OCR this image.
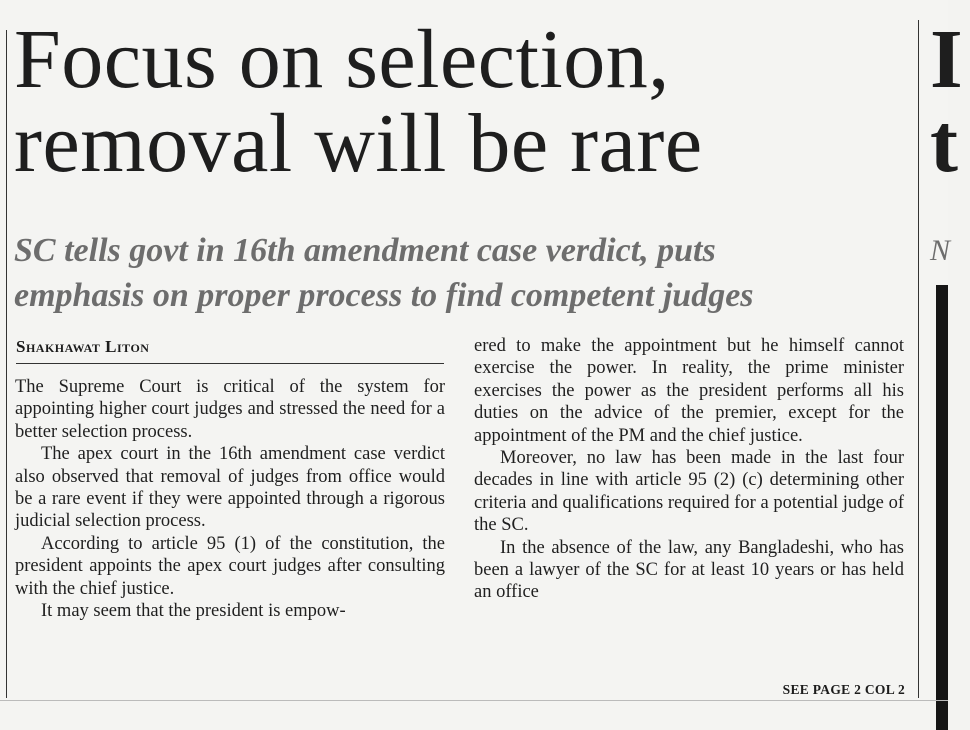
Focus on selection,
removal will be rare
I
t
SC tells govt in 16th amendment case verdict, puts
emphasis on proper process to find competent judges
N
Shakhawat Liton

The Supreme Court is critical of the system for appointing higher court judges and stressed the need for a better selection process.

The apex court in the 16th amendment case verdict also observed that removal of judges from office would be a rare event if they were appointed through a rigorous judicial selection process.

According to article 95 (1) of the constitution, the president appoints the apex court judges after consulting with the chief justice.

It may seem that the president is empow-

ered to make the appointment but he himself cannot exercise the power. In reality, the prime minister exercises the power as the president performs all his duties on the advice of the premier, except for the appointment of the PM and the chief justice.

Moreover, no law has been made in the last four decades in line with article 95 (2) (c) determining other criteria and qualifications required for a potential judge of the SC.

In the absence of the law, any Bangladeshi, who has been a lawyer of the SC for at least 10 years or has held an office

SEE PAGE 2 COL 2
